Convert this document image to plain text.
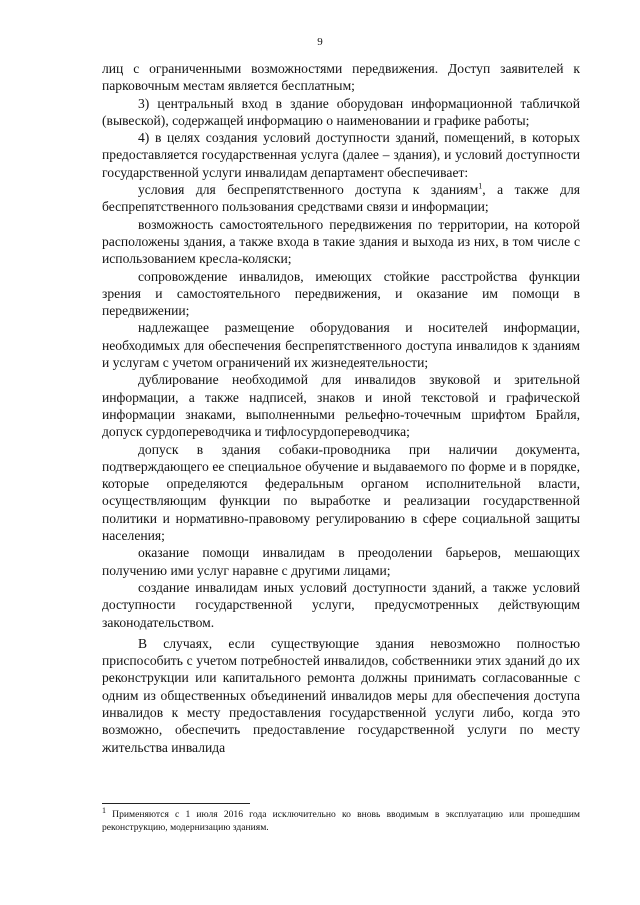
9

лиц с ограниченными возможностями передвижения. Доступ заявителей к парковочным местам является бесплатным;

3) центральный вход в здание оборудован информационной табличкой (вывеской), содержащей информацию о наименовании и графике работы;

4) в целях создания условий доступности зданий, помещений, в которых предоставляется государственная услуга (далее – здания), и условий доступности государственной услуги инвалидам департамент обеспечивает:

условия для беспрепятственного доступа к зданиям$^1$, а также для беспрепятственного пользования средствами связи и информации;

возможность самостоятельного передвижения по территории, на которой расположены здания, а также входа в такие здания и выхода из них, в том числе с использованием кресла-коляски;

сопровождение инвалидов, имеющих стойкие расстройства функции зрения и самостоятельного передвижения, и оказание им помощи в передвижении;

надлежащее размещение оборудования и носителей информации, необходимых для обеспечения беспрепятственного доступа инвалидов к зданиям и услугам с учетом ограничений их жизнедеятельности;

дублирование необходимой для инвалидов звуковой и зрительной информации, а также надписей, знаков и иной текстовой и графической информации знаками, выполненными рельефно-точечным шрифтом Брайля, допуск сурдопереводчика и тифлосурдопереводчика;

допуск в здания собаки-проводника при наличии документа, подтверждающего ее специальное обучение и выдаваемого по форме и в порядке, которые определяются федеральным органом исполнительной власти, осуществляющим функции по выработке и реализации государственной политики и нормативно-правовому регулированию в сфере социальной защиты населения;

оказание помощи инвалидам в преодолении барьеров, мешающих получению ими услуг наравне с другими лицами;

создание инвалидам иных условий доступности зданий, а также условий доступности государственной услуги, предусмотренных действующим законодательством.

В случаях, если существующие здания невозможно полностью приспособить с учетом потребностей инвалидов, собственники этих зданий до их реконструкции или капитального ремонта должны принимать согласованные с одним из общественных объединений инвалидов меры для обеспечения доступа инвалидов к месту предоставления государственной услуги либо, когда это возможно, обеспечить предоставление государственной услуги по месту жительства инвалида

$^1$ Применяются с 1 июля 2016 года исключительно ко вновь вводимым в эксплуатацию или прошедшим реконструкцию, модернизацию зданиям.
